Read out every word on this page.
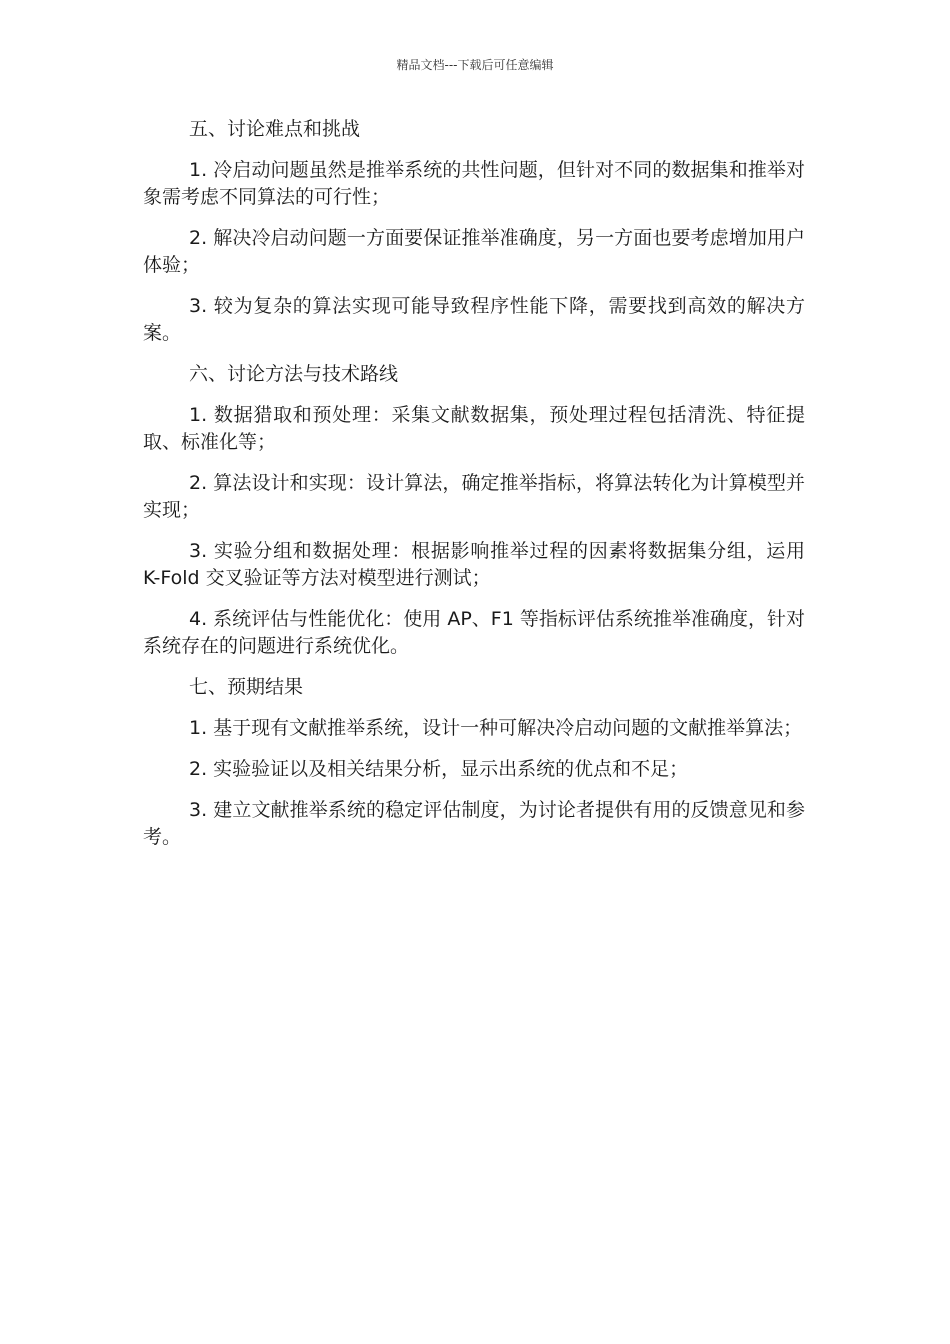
精品文档---下载后可任意编辑

五、讨论难点和挑战

1. 冷启动问题虽然是推举系统的共性问题，但针对不同的数据集和推举对象需考虑不同算法的可行性；

2. 解决冷启动问题一方面要保证推举准确度，另一方面也要考虑增加用户体验；

3. 较为复杂的算法实现可能导致程序性能下降，需要找到高效的解决方案。

六、讨论方法与技术路线

1. 数据猎取和预处理：采集文献数据集，预处理过程包括清洗、特征提取、标准化等；

2. 算法设计和实现：设计算法，确定推举指标，将算法转化为计算模型并实现；

3. 实验分组和数据处理：根据影响推举过程的因素将数据集分组，运用 K-Fold 交叉验证等方法对模型进行测试；

4. 系统评估与性能优化：使用 AP、F1 等指标评估系统推举准确度，针对系统存在的问题进行系统优化。

七、预期结果

1. 基于现有文献推举系统，设计一种可解决冷启动问题的文献推举算法；

2. 实验验证以及相关结果分析，显示出系统的优点和不足；

3. 建立文献推举系统的稳定评估制度，为讨论者提供有用的反馈意见和参考。
